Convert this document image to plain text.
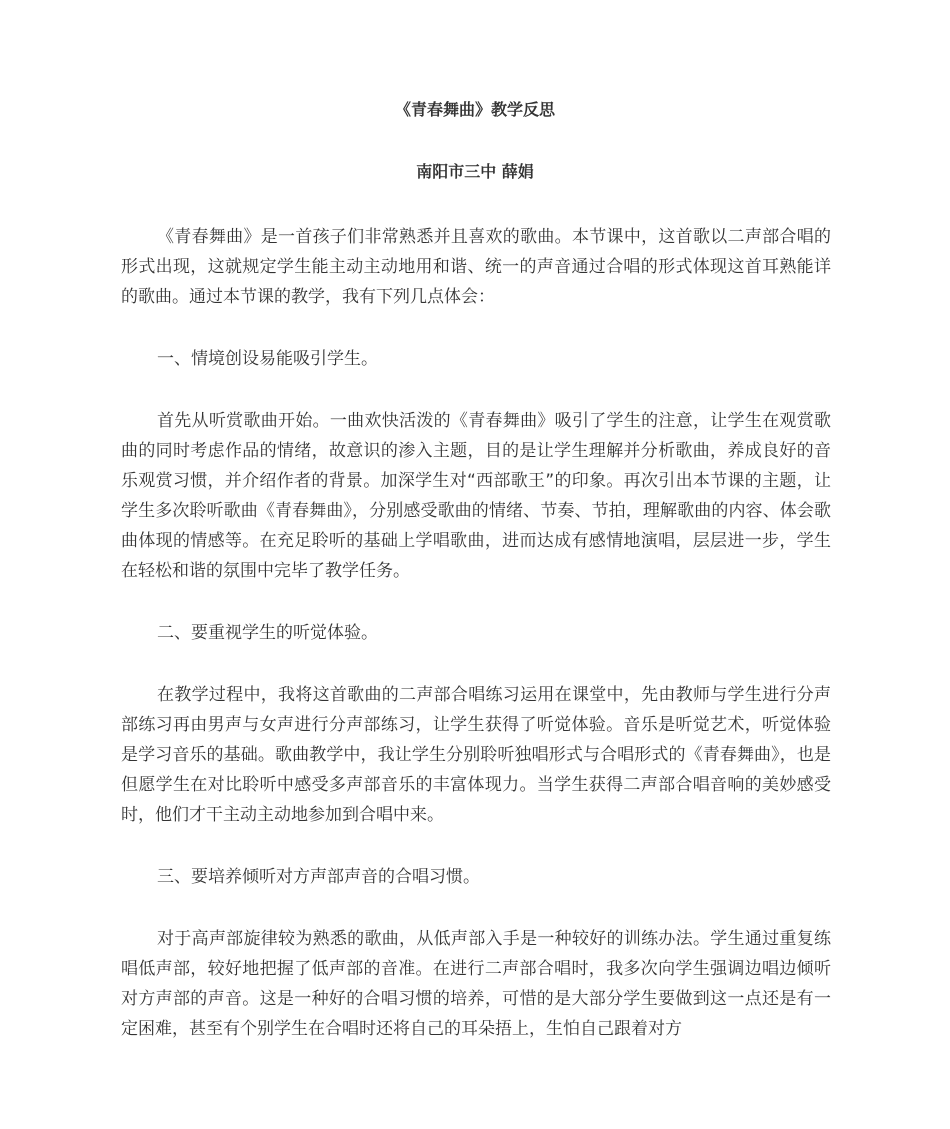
《青春舞曲》教学反思
南阳市三中 薛娟

《青春舞曲》是一首孩子们非常熟悉并且喜欢的歌曲。本节课中，这首歌以二声部合唱的形式出现，这就规定学生能主动主动地用和谐、统一的声音通过合唱的形式体现这首耳熟能详的歌曲。通过本节课的教学，我有下列几点体会：

一、情境创设易能吸引学生。

首先从听赏歌曲开始。一曲欢快活泼的《青春舞曲》吸引了学生的注意，让学生在观赏歌曲的同时考虑作品的情绪，故意识的渗入主题，目的是让学生理解并分析歌曲，养成良好的音乐观赏习惯，并介绍作者的背景。加深学生对“西部歌王”的印象。再次引出本节课的主题，让学生多次聆听歌曲《青春舞曲》，分别感受歌曲的情绪、节奏、节拍，理解歌曲的内容、体会歌曲体现的情感等。在充足聆听的基础上学唱歌曲，进而达成有感情地演唱，层层进一步，学生在轻松和谐的氛围中完毕了教学任务。

二、要重视学生的听觉体验。

在教学过程中，我将这首歌曲的二声部合唱练习运用在课堂中，先由教师与学生进行分声部练习再由男声与女声进行分声部练习，让学生获得了听觉体验。音乐是听觉艺术，听觉体验是学习音乐的基础。歌曲教学中，我让学生分别聆听独唱形式与合唱形式的《青春舞曲》，也是但愿学生在对比聆听中感受多声部音乐的丰富体现力。当学生获得二声部合唱音响的美妙感受时，他们才干主动主动地参加到合唱中来。

三、要培养倾听对方声部声音的合唱习惯。

对于高声部旋律较为熟悉的歌曲，从低声部入手是一种较好的训练办法。学生通过重复练唱低声部，较好地把握了低声部的音准。在进行二声部合唱时，我多次向学生强调边唱边倾听对方声部的声音。这是一种好的合唱习惯的培养，可惜的是大部分学生要做到这一点还是有一定困难，甚至有个别学生在合唱时还将自己的耳朵捂上，生怕自己跟着对方
